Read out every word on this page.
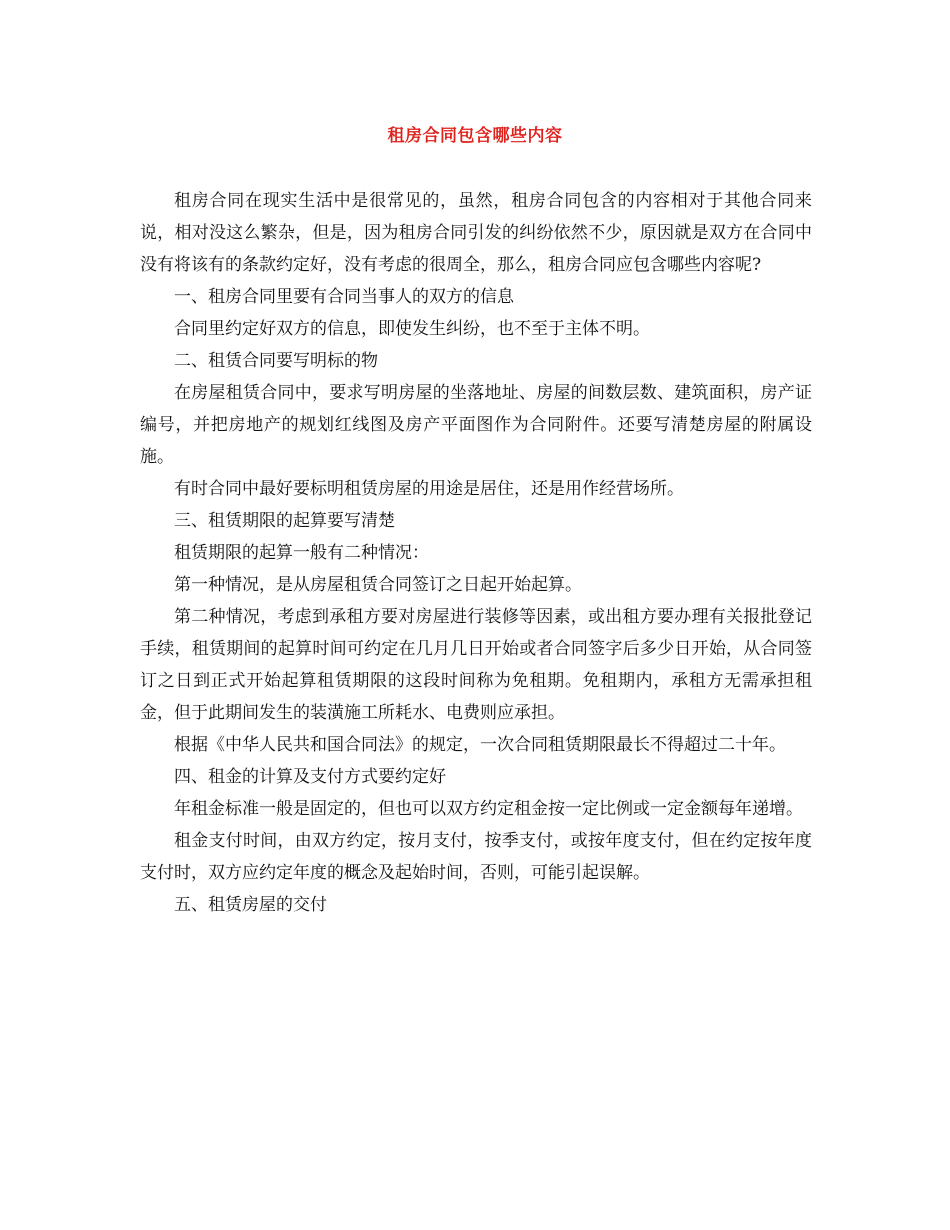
租房合同包含哪些内容

租房合同在现实生活中是很常见的，虽然，租房合同包含的内容相对于其他合同来说，相对没这么繁杂，但是，因为租房合同引发的纠纷依然不少，原因就是双方在合同中没有将该有的条款约定好，没有考虑的很周全，那么，租房合同应包含哪些内容呢?

一、租房合同里要有合同当事人的双方的信息

合同里约定好双方的信息，即使发生纠纷，也不至于主体不明。

二、租赁合同要写明标的物

在房屋租赁合同中，要求写明房屋的坐落地址、房屋的间数层数、建筑面积，房产证编号，并把房地产的规划红线图及房产平面图作为合同附件。还要写清楚房屋的附属设施。

有时合同中最好要标明租赁房屋的用途是居住，还是用作经营场所。

三、租赁期限的起算要写清楚

租赁期限的起算一般有二种情况：

第一种情况，是从房屋租赁合同签订之日起开始起算。

第二种情况，考虑到承租方要对房屋进行装修等因素，或出租方要办理有关报批登记手续，租赁期间的起算时间可约定在几月几日开始或者合同签字后多少日开始，从合同签订之日到正式开始起算租赁期限的这段时间称为免租期。免租期内，承租方无需承担租金，但于此期间发生的装潢施工所耗水、电费则应承担。

根据《中华人民共和国合同法》的规定，一次合同租赁期限最长不得超过二十年。

四、租金的计算及支付方式要约定好

年租金标准一般是固定的，但也可以双方约定租金按一定比例或一定金额每年递增。

租金支付时间，由双方约定，按月支付，按季支付，或按年度支付，但在约定按年度支付时，双方应约定年度的概念及起始时间，否则，可能引起误解。

五、租赁房屋的交付
